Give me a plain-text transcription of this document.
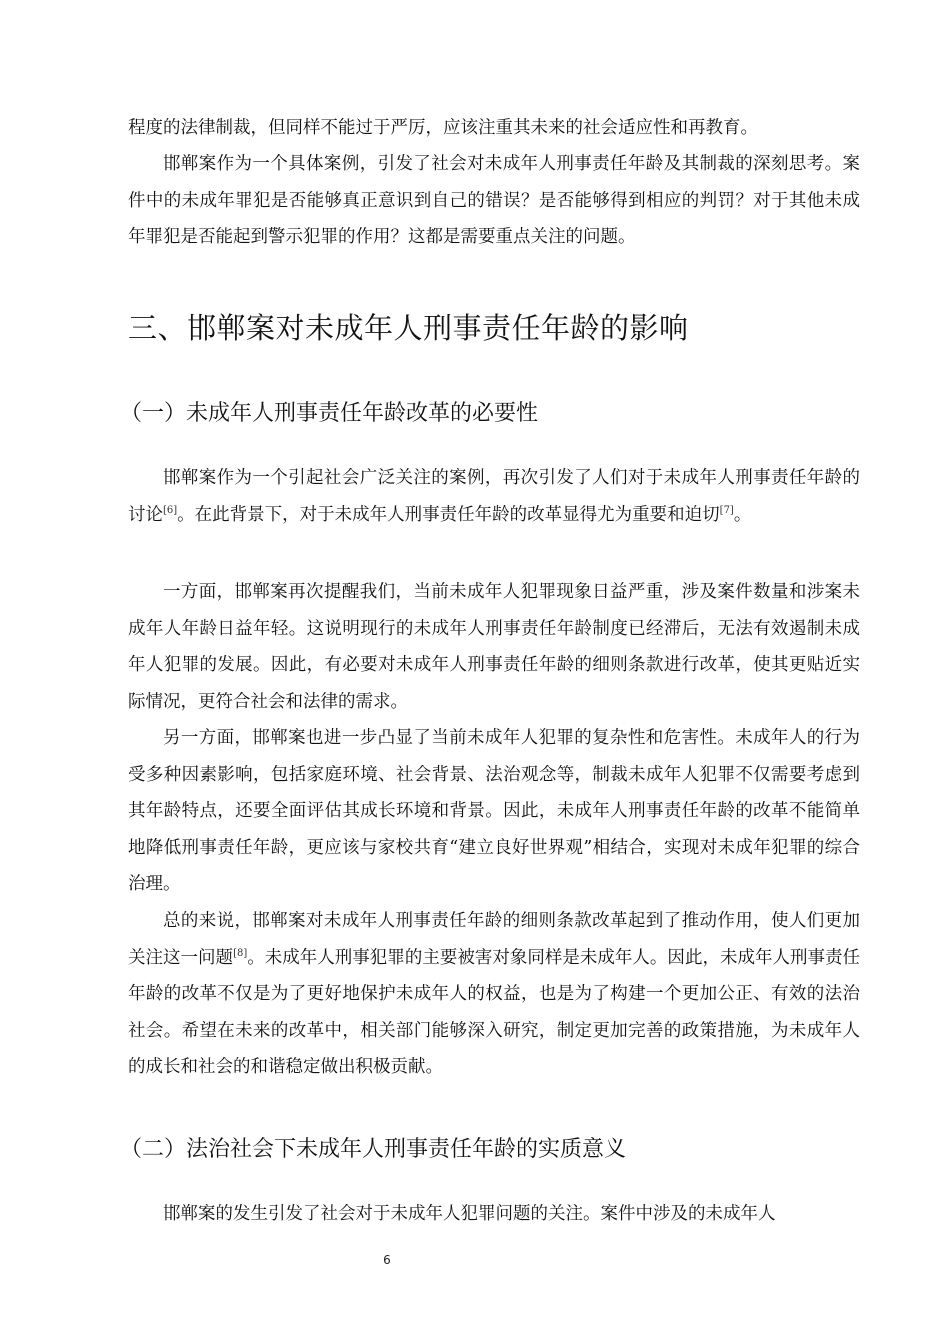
程度的法律制裁，但同样不能过于严厉，应该注重其未来的社会适应性和再教育。

邯郸案作为一个具体案例，引发了社会对未成年人刑事责任年龄及其制裁的深刻思考。案件中的未成年罪犯是否能够真正意识到自己的错误？是否能够得到相应的判罚？对于其他未成年罪犯是否能起到警示犯罪的作用？这都是需要重点关注的问题。

三、邯郸案对未成年人刑事责任年龄的影响
（一）未成年人刑事责任年龄改革的必要性

邯郸案作为一个引起社会广泛关注的案例，再次引发了人们对于未成年人刑事责任年龄的讨论[6]。在此背景下，对于未成年人刑事责任年龄的改革显得尤为重要和迫切[7]。

一方面，邯郸案再次提醒我们，当前未成年人犯罪现象日益严重，涉及案件数量和涉案未成年人年龄日益年轻。这说明现行的未成年人刑事责任年龄制度已经滞后，无法有效遏制未成年人犯罪的发展。因此，有必要对未成年人刑事责任年龄的细则条款进行改革，使其更贴近实际情况，更符合社会和法律的需求。

另一方面，邯郸案也进一步凸显了当前未成年人犯罪的复杂性和危害性。未成年人的行为受多种因素影响，包括家庭环境、社会背景、法治观念等，制裁未成年人犯罪不仅需要考虑到其年龄特点，还要全面评估其成长环境和背景。因此，未成年人刑事责任年龄的改革不能简单地降低刑事责任年龄，更应该与家校共育“建立良好世界观”相结合，实现对未成年犯罪的综合治理。

总的来说，邯郸案对未成年人刑事责任年龄的细则条款改革起到了推动作用，使人们更加关注这一问题[8]。未成年人刑事犯罪的主要被害对象同样是未成年人。因此，未成年人刑事责任年龄的改革不仅是为了更好地保护未成年人的权益，也是为了构建一个更加公正、有效的法治社会。希望在未来的改革中，相关部门能够深入研究，制定更加完善的政策措施，为未成年人的成长和社会的和谐稳定做出积极贡献。

（二）法治社会下未成年人刑事责任年龄的实质意义

邯郸案的发生引发了社会对于未成年人犯罪问题的关注。案件中涉及的未成年人

6
